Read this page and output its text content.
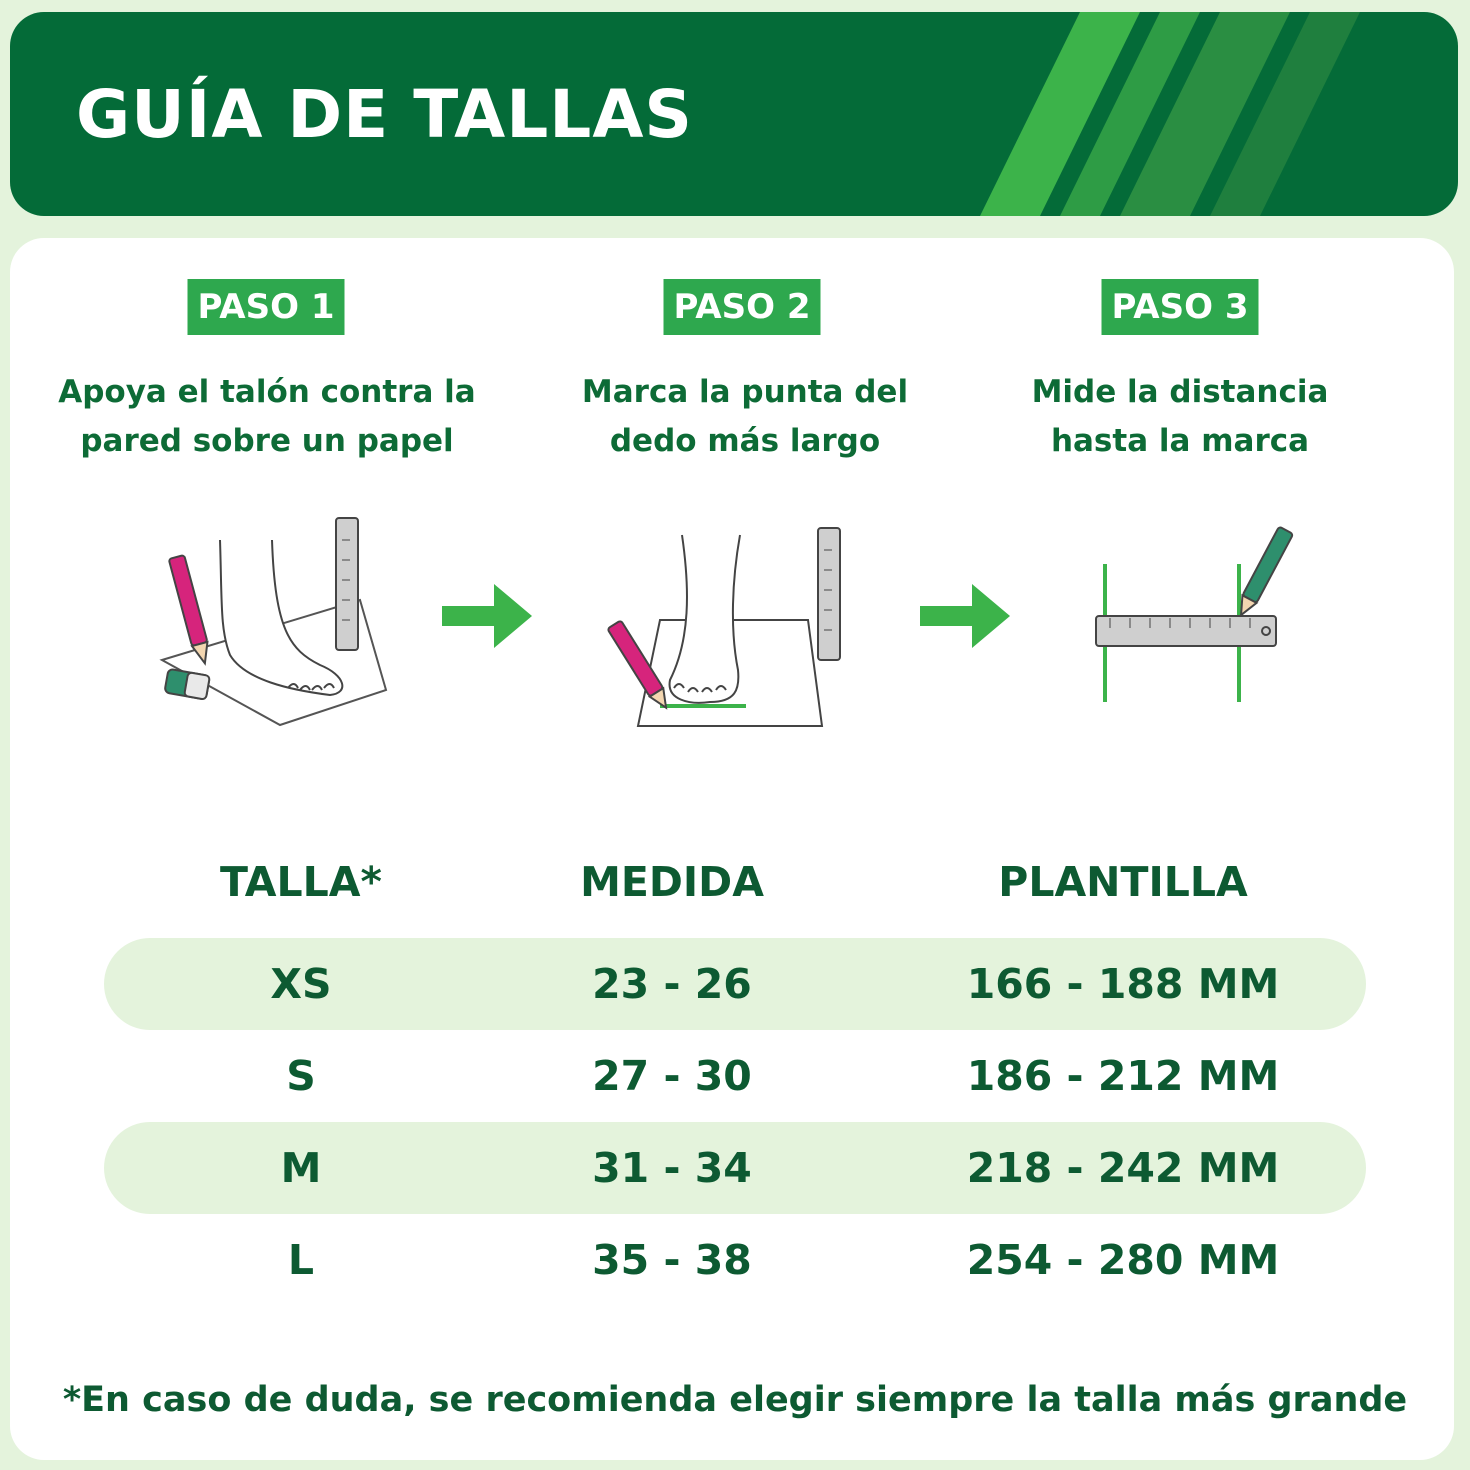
GUÍA DE TALLAS
PASO 1	PASO 2	PASO 3
Apoya el talón contra la
pared sobre un papel
Marca la punta del
dedo más largo
Mide la distancia
hasta la marca
TALLA*	MEDIDA	PLANTILLA
XS	23 - 26	166 - 188 MM
S	27 - 30	186 - 212 MM
M	31 - 34	218 - 242 MM
L	35 - 38	254 - 280 MM
*En caso de duda, se recomienda elegir siempre la talla más grande
